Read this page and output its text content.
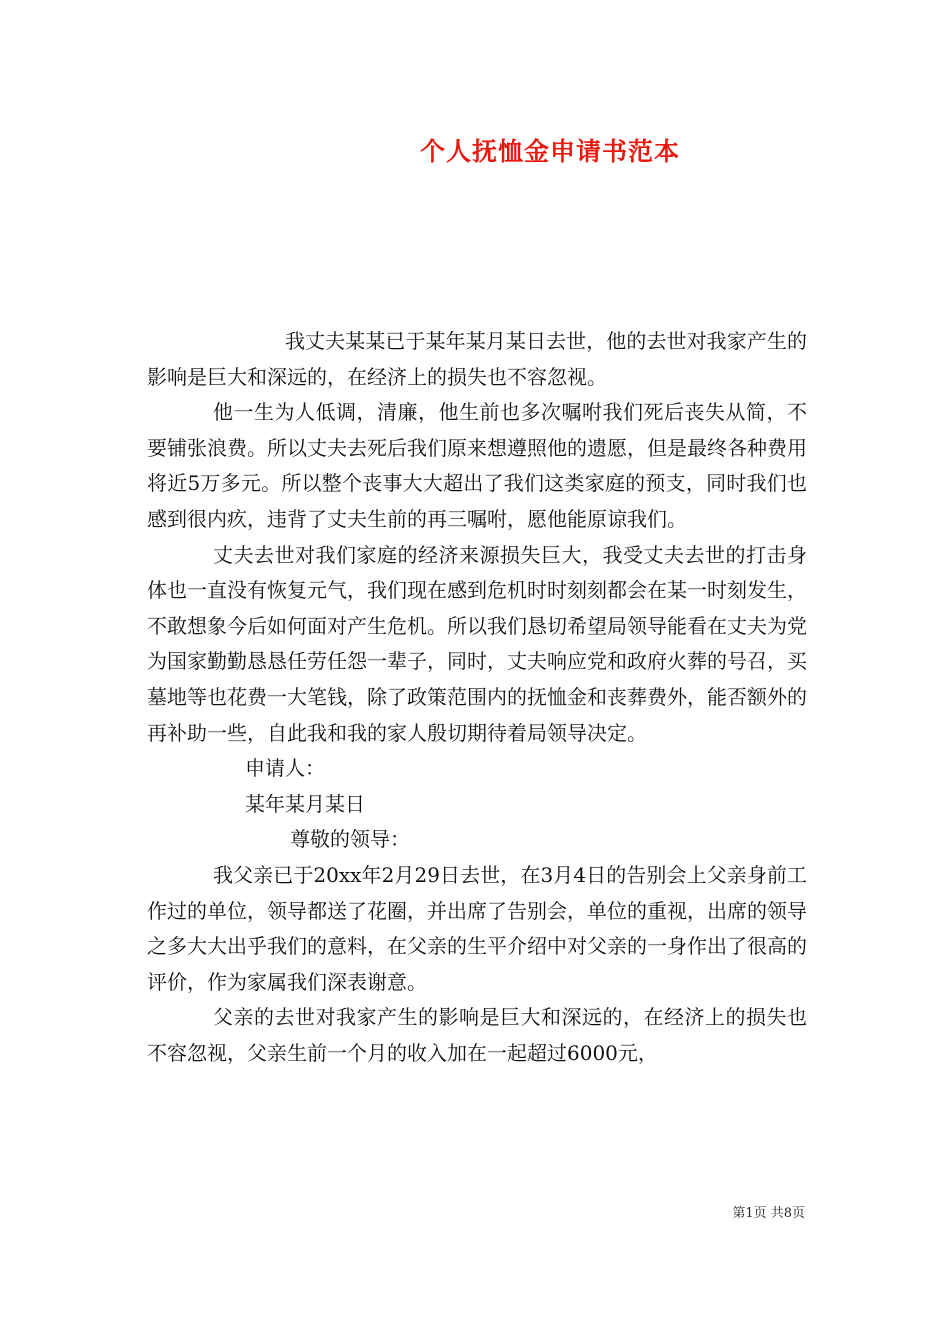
个人抚恤金申请书范本

我丈夫某某已于某年某月某日去世，他的去世对我家产生的影响是巨大和深远的，在经济上的损失也不容忽视。

他一生为人低调，清廉，他生前也多次嘱咐我们死后丧失从简，不要铺张浪费。所以丈夫去死后我们原来想遵照他的遗愿，但是最终各种费用将近5万多元。所以整个丧事大大超出了我们这类家庭的预支，同时我们也感到很内疚，违背了丈夫生前的再三嘱咐，愿他能原谅我们。

丈夫去世对我们家庭的经济来源损失巨大，我受丈夫去世的打击身体也一直没有恢复元气，我们现在感到危机时时刻刻都会在某一时刻发生，不敢想象今后如何面对产生危机。所以我们恳切希望局领导能看在丈夫为党为国家勤勤恳恳任劳任怨一辈子，同时，丈夫响应党和政府火葬的号召，买墓地等也花费一大笔钱，除了政策范围内的抚恤金和丧葬费外，能否额外的再补助一些，自此我和我的家人殷切期待着局领导决定。

申请人：
某年某月某日
尊敬的领导：

我父亲已于20xx年2月29日去世，在3月4日的告别会上父亲身前工作过的单位，领导都送了花圈，并出席了告别会，单位的重视，出席的领导之多大大出乎我们的意料，在父亲的生平介绍中对父亲的一身作出了很高的评价，作为家属我们深表谢意。

父亲的去世对我家产生的影响是巨大和深远的，在经济上的损失也不容忽视，父亲生前一个月的收入加在一起超过6000元，

第1页 共8页
